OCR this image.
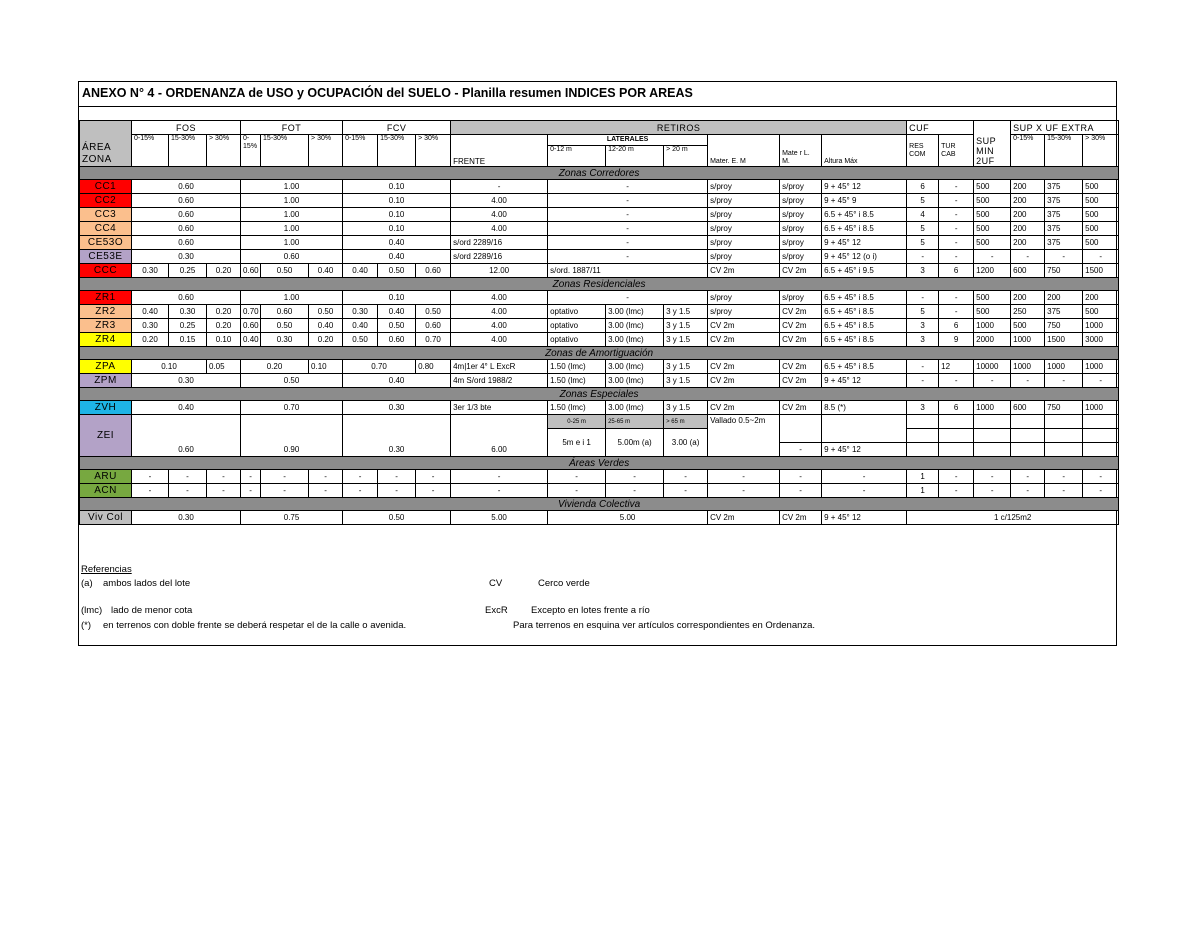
ANEXO N° 4 - ORDENANZA de USO y OCUPACIÓN del SUELO - Planilla resumen INDICES POR AREAS
ÁREA
ZONA	FOS			FOT			FCV			RETIROS							CUF		SUP MIN 2UF	SUP X UF EXTRA		
	0-15%	15-30%	> 30%	0-15%	15-30%	> 30%	0-15%	15-30%	> 30%	FRENTE	LATERALES			Mater. E. M	Mate r L. M.	Altura Máx	RES COM	TUR CAB		0-15%	15-30%	> 30%
											0-12 m	12-20 m	> 20 m									
Zonas Corredores																						
CC1	0.60			1.00			0.10			-	-			s/proy	s/proy	9 + 45° 12	6	-	500	200	375	500
CC2	0.60			1.00			0.10			4.00	-			s/proy	s/proy	9 + 45° 9	5	-	500	200	375	500
CC3	0.60			1.00			0.10			4.00	-			s/proy	s/proy	6.5 + 45° i 8.5	4	-	500	200	375	500
CC4	0.60			1.00			0.10			4.00	-			s/proy	s/proy	6.5 + 45° i 8.5	5	-	500	200	375	500
CE53O	0.60			1.00			0.40			s/ord 2289/16	-			s/proy	s/proy	9 + 45° 12	5	-	500	200	375	500
CE53E	0.30			0.60			0.40			s/ord 2289/16	-			s/proy	s/proy	9 + 45° 12 (o i)	-	-	-	-	-	-
CCC	0.30	0.25	0.20	0.60	0.50	0.40	0.40	0.50	0.60	12.00	s/ord. 1887/11			CV 2m	CV 2m	6.5 + 45° i 9.5	3	6	1200	600	750	1500
Zonas Residenciales																						
ZR1	0.60			1.00			0.10			4.00	-			s/proy	s/proy	6.5 + 45° i 8.5	-	-	500	200	200	200
ZR2	0.40	0.30	0.20	0.70	0.60	0.50	0.30	0.40	0.50	4.00	optativo	3.00 (lmc)	3 y 1.5	s/proy	CV 2m	6.5 + 45° i 8.5	5	-	500	250	375	500
ZR3	0.30	0.25	0.20	0.60	0.50	0.40	0.40	0.50	0.60	4.00	optativo	3.00 (lmc)	3 y 1.5	CV 2m	CV 2m	6.5 + 45° i 8.5	3	6	1000	500	750	1000
ZR4	0.20	0.15	0.10	0.40	0.30	0.20	0.50	0.60	0.70	4.00	optativo	3.00 (lmc)	3 y 1.5	CV 2m	CV 2m	6.5 + 45° i 8.5	3	9	2000	1000	1500	3000
Zonas de Amortiguación																						
ZPA	0.10		0.05	0.20		0.10	0.70		0.80	4m|1er 4° L ExcR	1.50 (lmc)	3.00 (lmc)	3 y 1.5	CV 2m	CV 2m	6.5 + 45° i 8.5	-	12	10000	1000	1000	1000
ZPM	0.30			0.50			0.40			4m S/ord 1988/2	1.50 (lmc)	3.00 (lmc)	3 y 1.5	CV 2m	CV 2m	9 + 45° 12	-	-	-	-	-	-
Zonas Especiales																						
ZVH	0.40			0.70			0.30			3er 1/3 bte	1.50 (lmc)	3.00 (lmc)	3 y 1.5	CV 2m	CV 2m	8.5 (*)	3	6	1000	600	750	1000
ZEI	0.60			0.90			0.30			6.00	0-25 m	25-65 m	> 65 m	Vallado 0.5~2m								
											5m e i 1	5.00m (a)	3.00 (a)									
															-	9 + 45° 12						
Áreas Verdes																						
ARU	-	-	-	-	-	-	-	-	-	-	-	-	-	-	-	-	1	-	-	-	-	-
ACN	-	-	-	-	-	-	-	-	-	-	-	-	-	-	-	-	1	-	-	-	-	-
Vivienda Colectiva																						
Viv Col	0.30			0.75			0.50			5.00	5.00			CV 2m	CV 2m	9 + 45° 12	1 c/125m2					
Referencias
(a) ambos lados del lote	CV	Cerco verde
(lmc) lado de menor cota	ExcR Excepto en lotes frente a río
(*) en terrenos con doble frente se deberá respetar el de la calle o avenida.	Para terrenos en esquina ver artículos correspondientes en Ordenanza.
